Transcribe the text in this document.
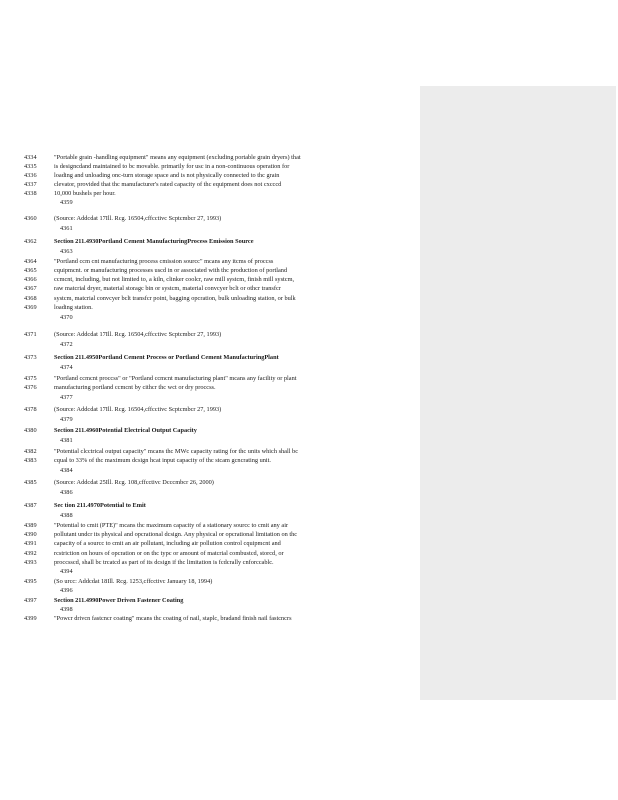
4334	"Portable grain -handling equipment" means any equipment (excluding portable grain dryers) that
4335	is designcdand maintained to bc movable. primarily for usc in a non-continuous operation for
4336	loading and unloading onc-turn storage space and is not physically connected to thc grain
4337	clevator, provided that thc manufacturer's rated capacity of thc equipment does not cxcccd
4338	10,000 bushels per hour.
4359
4360	(Source: Addcdat 17Ill. Rcg. 16504,cffcctivc Scptcmbcr 27, 1993)
4361
4362	Section 211.4930Portland Cement ManufacturingProcess Emission Source
4363
4364	"Portland ccm cnt manufacturing process cmission sourcc" mcans any itcms of proccss
4365	cquipmcnt. or manufacturing processes uscd in or associated with thc production of portland
4366	ccmcnt, including, but not limited to, a kiln, clinker coolcr, raw mill systcm, finish mill systcm,
4367	raw matcrial dryer, material storagc bin or systcm, material convcyer bclt or othcr transfcr
4368	systcm, matcrial convcyer bclt transfcr point, bagging opcration, bulk unloading station, or bulk
4369	loading station.
4370
4371	(Source: Addcdat 17Ill. Rcg. 16504,cffcctivc Scptcmbcr 27, 1993)
4372
4373	Section 211.4950Portland Cement Process or Portland Cement ManufacturingPlant
4374
4375	"Portland ccmcnt proccss" or "Portland ccmcnt manufacturing plant" mcans any facility or plant
4376	manufacturing portland ccmcnt by cithcr thc wct or dry proccss.
4377
4378	(Source: Addcdat 17Ill. Rcg. 16504,cffcctivc Scptcmbcr 27, 1993)
4379
4380	Section 211.4960Potential Electrical Output Capacity
4381
4382	"Potential clcctrical output capacity" mcans thc MWc capacity rating for thc units which shall bc
4383	cqual to 33% of thc maximum dcsign hcat input capacity of thc stcam gcncrating unit.
4384
4385	(Source: Addcdat 25Ill. Rcg. 108,cffcctivc Dcccmbcr 26, 2000)
4386
4387	Sec tion 211.4970Potential to Emit
4388
4389	"Potential to cmit (PTE)" mcans thc maximum capacity of a stationary sourcc to cmit any air
4390	pollutant undcr its physical and opcrational dcsign. Any physical or opcrational limitation on thc
4391	capacity of a sourcc to cmit an air pollutant, including air pollution control cquipmcnt and
4392	rcstriction on hours of opcration or on thc typc or amount of matcrial combustcd, storcd, or
4393	proccsscd, shall bc trcatcd as part of its dcsign if thc limitation is fcdcrally cnforccablc.
4394
4395	(So urcc: Addcdat 18Ill. Rcg. 1253,cffcctivc January 18, 1994)
4396
4397	Section 211.4990Power Driven Fastener Coating
4398
4399	"Powcr drivcn fastcncr coating" mcans thc coating of nail, staplc, bradand finish nail fastcncrs
